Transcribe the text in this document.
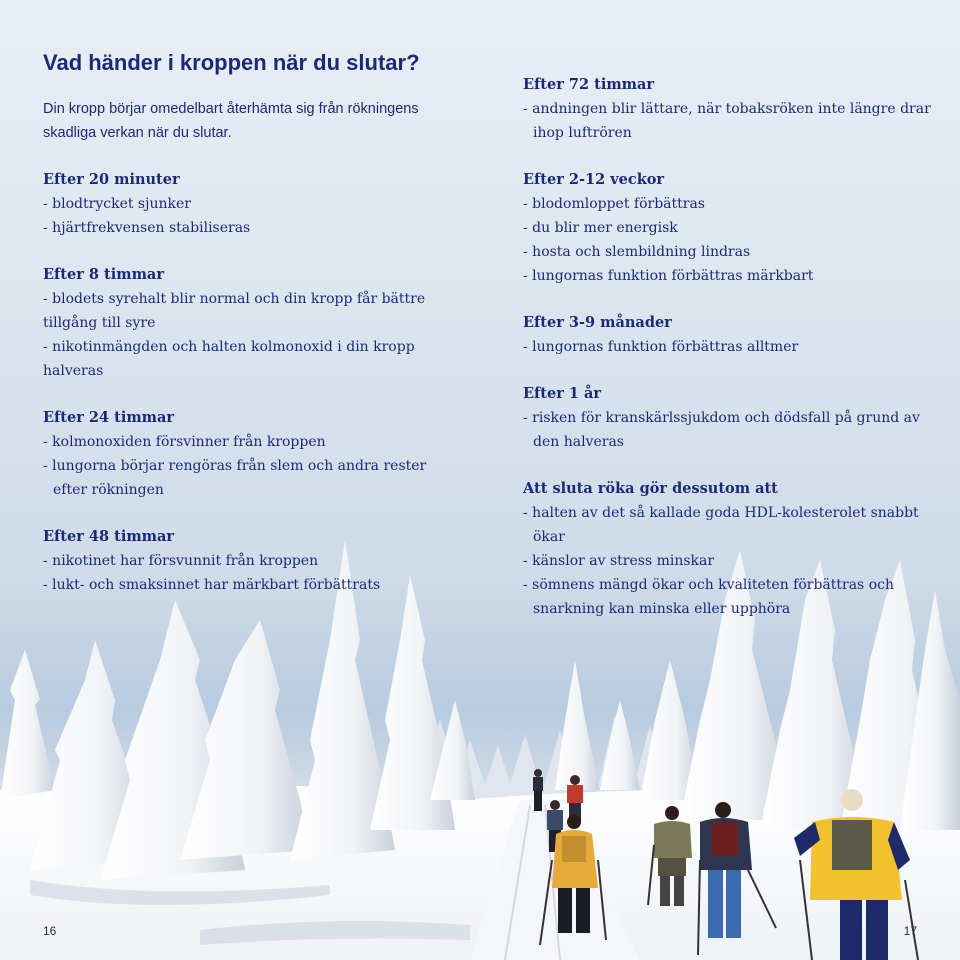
Vad händer i kroppen när du slutar?

Din kropp börjar omedelbart återhämta sig från rökningens skadliga verkan när du slutar.

Efter 20 minuter
- blodtrycket sjunker
- hjärtfrekvensen stabiliseras
Efter 8 timmar
- blodets syrehalt blir normal och din kropp får bättre tillgång till syre
- nikotinmängden och halten kolmonoxid i din kropp halveras
Efter 24 timmar
- kolmonoxiden försvinner från kroppen
- lungorna börjar rengöras från slem och andra rester efter rökningen
Efter 48 timmar
- nikotinet har försvunnit från kroppen
- lukt- och smaksinnet har märkbart förbättrats
Efter 72 timmar
- andningen blir lättare, när tobaksröken inte längre drar ihop luftrören
Efter 2-12 veckor
- blodomloppet förbättras
- du blir mer energisk
- hosta och slembildning lindras
- lungornas funktion förbättras märkbart
Efter 3-9 månader
- lungornas funktion förbättras alltmer
Efter 1 år
- risken för kranskärlssjukdom och dödsfall på grund av den halveras
Att sluta röka gör dessutom att
- halten av det så kallade goda HDL-kolesterolet snabbt ökar
- känslor av stress minskar
- sömnens mängd ökar och kvaliteten förbättras och snarkning kan minska eller upphöra
16	17
